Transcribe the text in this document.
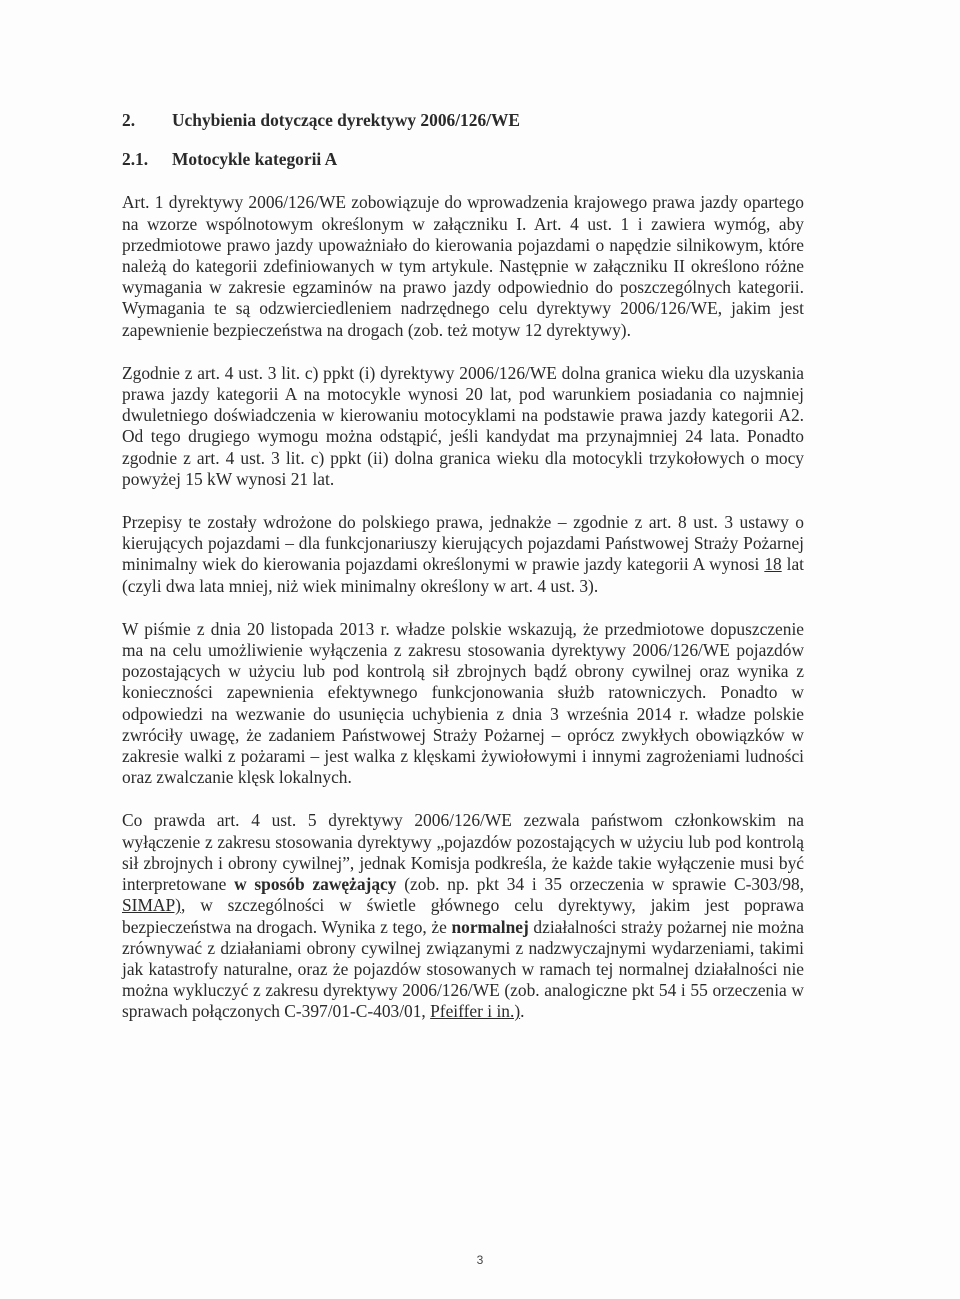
2. Uchybienia dotyczące dyrektywy 2006/126/WE
2.1. Motocykle kategorii A

Art. 1 dyrektywy 2006/126/WE zobowiązuje do wprowadzenia krajowego prawa jazdy opartego na wzorze wspólnotowym określonym w załączniku I. Art. 4 ust. 1 i zawiera wymóg, aby przedmiotowe prawo jazdy upoważniało do kierowania pojazdami o napędzie silnikowym, które należą do kategorii zdefiniowanych w tym artykule. Następnie w załączniku II określono różne wymagania w zakresie egzaminów na prawo jazdy odpowiednio do poszczególnych kategorii. Wymagania te są odzwierciedleniem nadrzędnego celu dyrektywy 2006/126/WE, jakim jest zapewnienie bezpieczeństwa na drogach (zob. też motyw 12 dyrektywy).

Zgodnie z art. 4 ust. 3 lit. c) ppkt (i) dyrektywy 2006/126/WE dolna granica wieku dla uzyskania prawa jazdy kategorii A na motocykle wynosi 20 lat, pod warunkiem posiadania co najmniej dwuletniego doświadczenia w kierowaniu motocyklami na podstawie prawa jazdy kategorii A2. Od tego drugiego wymogu można odstąpić, jeśli kandydat ma przynajmniej 24 lata. Ponadto zgodnie z art. 4 ust. 3 lit. c) ppkt (ii) dolna granica wieku dla motocykli trzykołowych o mocy powyżej 15 kW wynosi 21 lat.

Przepisy te zostały wdrożone do polskiego prawa, jednakże – zgodnie z art. 8 ust. 3 ustawy o kierujących pojazdami – dla funkcjonariuszy kierujących pojazdami Państwowej Straży Pożarnej minimalny wiek do kierowania pojazdami określonymi w prawie jazdy kategorii A wynosi 18 lat (czyli dwa lata mniej, niż wiek minimalny określony w art. 4 ust. 3).

W piśmie z dnia 20 listopada 2013 r. władze polskie wskazują, że przedmiotowe dopuszczenie ma na celu umożliwienie wyłączenia z zakresu stosowania dyrektywy 2006/126/WE pojazdów pozostających w użyciu lub pod kontrolą sił zbrojnych bądź obrony cywilnej oraz wynika z konieczności zapewnienia efektywnego funkcjonowania służb ratowniczych. Ponadto w odpowiedzi na wezwanie do usunięcia uchybienia z dnia 3 września 2014 r. władze polskie zwróciły uwagę, że zadaniem Państwowej Straży Pożarnej – oprócz zwykłych obowiązków w zakresie walki z pożarami – jest walka z klęskami żywiołowymi i innymi zagrożeniami ludności oraz zwalczanie klęsk lokalnych.

Co prawda art. 4 ust. 5 dyrektywy 2006/126/WE zezwala państwom członkowskim na wyłączenie z zakresu stosowania dyrektywy „pojazdów pozostających w użyciu lub pod kontrolą sił zbrojnych i obrony cywilnej”, jednak Komisja podkreśla, że każde takie wyłączenie musi być interpretowane w sposób zawężający (zob. np. pkt 34 i 35 orzeczenia w sprawie C-303/98, SIMAP), w szczególności w świetle głównego celu dyrektywy, jakim jest poprawa bezpieczeństwa na drogach. Wynika z tego, że normalnej działalności straży pożarnej nie można zrównywać z działaniami obrony cywilnej związanymi z nadzwyczajnymi wydarzeniami, takimi jak katastrofy naturalne, oraz że pojazdów stosowanych w ramach tej normalnej działalności nie można wykluczyć z zakresu dyrektywy 2006/126/WE (zob. analogiczne pkt 54 i 55 orzeczenia w sprawach połączonych C-397/01-C-403/01, Pfeiffer i in.).

3
